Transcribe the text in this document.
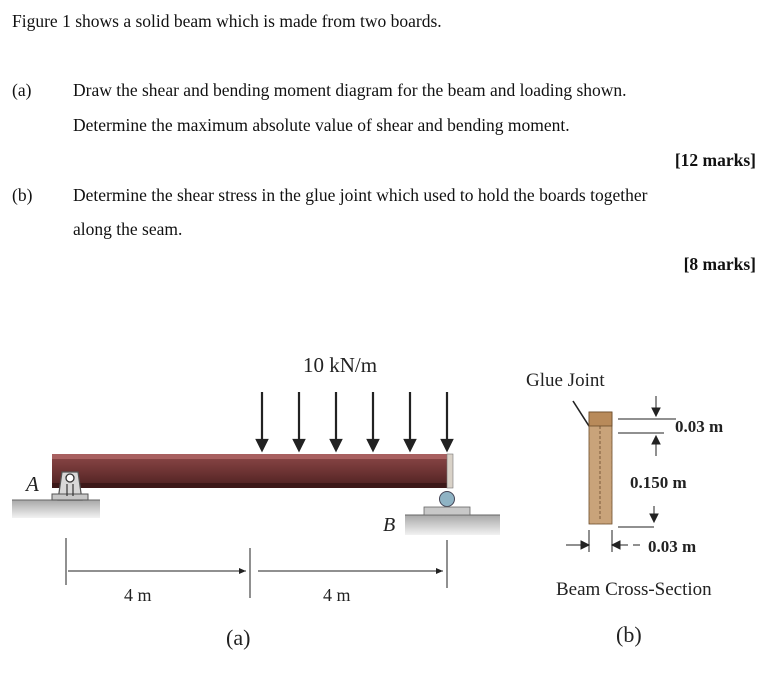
Figure 1 shows a solid beam which is made from two boards.
(a) Draw the shear and bending moment diagram for the beam and loading shown.
Determine the maximum absolute value of shear and bending moment.
[12 marks]
(b) Determine the shear stress in the glue joint which used to hold the boards together
along the seam.
[8 marks]
10 kN/m
A
B
4 m	4 m
(a)
Glue Joint
0.03 m
0.150 m
0.03 m
Beam Cross-Section
(b)
